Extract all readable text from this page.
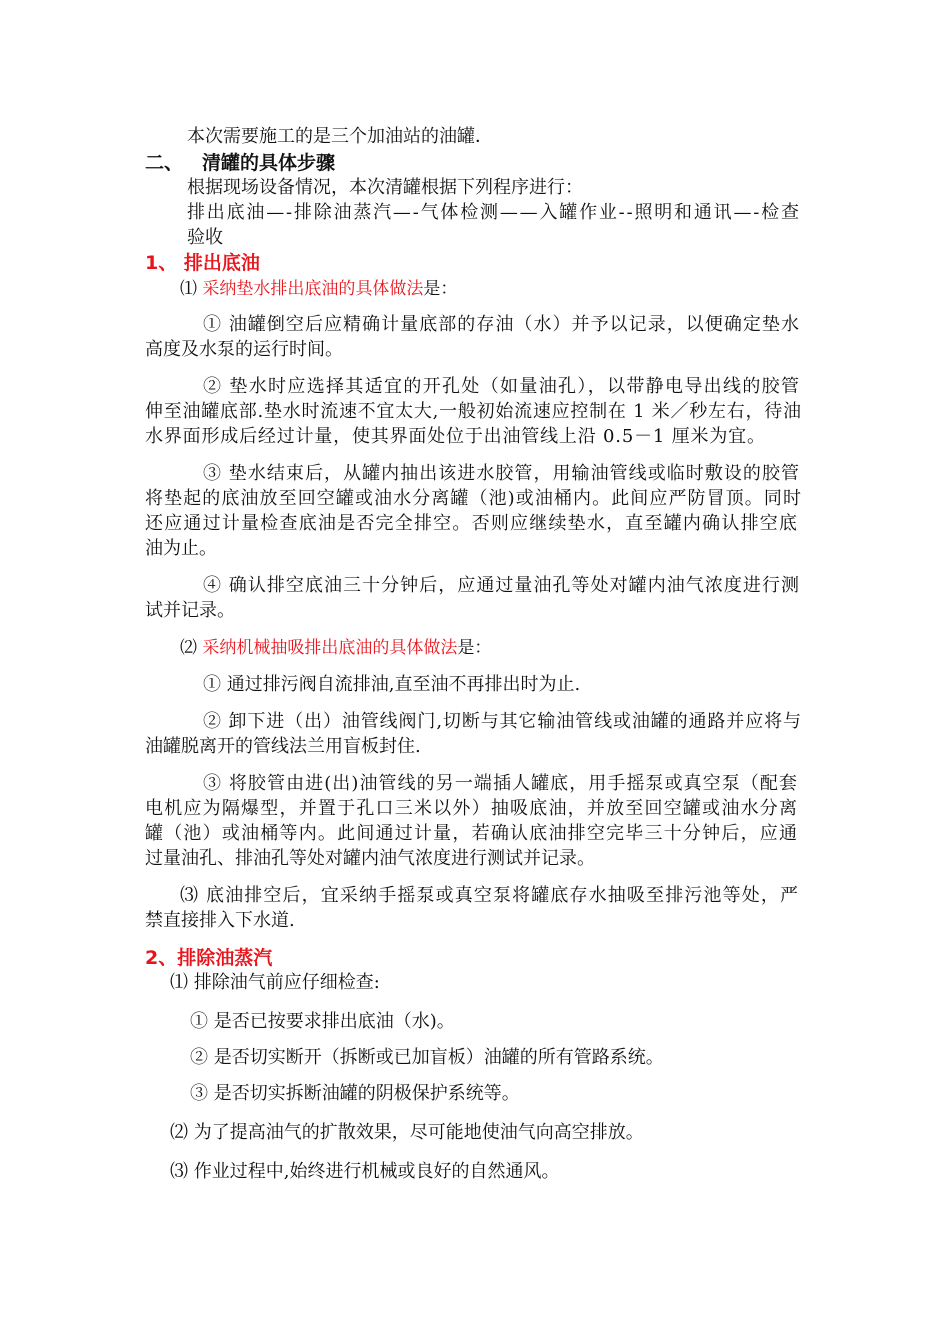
本次需要施工的是三个加油站的油罐．
二、 清罐的具体步骤
根据现场设备情况，本次清罐根据下列程序进行：
排出底油—-排除油蒸汽—-气体检测——入罐作业--照明和通讯—-检查
验收
1、 排出底油
⑴ 采纳垫水排出底油的具体做法是：
① 油罐倒空后应精确计量底部的存油（水）并予以记录，以便确定垫水
高度及水泵的运行时间。
② 垫水时应选择其适宜的开孔处（如量油孔），以带静电导出线的胶管
伸至油罐底部.垫水时流速不宜太大,一般初始流速应控制在 1 米／秒左右，待油
水界面形成后经过计量，使其界面处位于出油管线上沿 0.5－1 厘米为宜。
③ 垫水结束后，从罐内抽出该进水胶管，用输油管线或临时敷设的胶管
将垫起的底油放至回空罐或油水分离罐（池)或油桶内。此间应严防冒顶。同时
还应通过计量检查底油是否完全排空。否则应继续垫水，直至罐内确认排空底
油为止。
④ 确认排空底油三十分钟后，应通过量油孔等处对罐内油气浓度进行测
试并记录。
⑵ 采纳机械抽吸排出底油的具体做法是：
① 通过排污阀自流排油,直至油不再排出时为止.
② 卸下进（出）油管线阀门,切断与其它输油管线或油罐的通路并应将与
油罐脱离开的管线法兰用盲板封住.
③ 将胶管由进(出)油管线的另一端插人罐底，用手摇泵或真空泵（配套
电机应为隔爆型，并置于孔口三米以外）抽吸底油，并放至回空罐或油水分离
罐（池）或油桶等内。此间通过计量，若确认底油排空完毕三十分钟后，应通
过量油孔、排油孔等处对罐内油气浓度进行测试并记录。
⑶ 底油排空后，宜采纳手摇泵或真空泵将罐底存水抽吸至排污池等处，严
禁直接排入下水道.
2、排除油蒸汽
⑴ 排除油气前应仔细检查:
① 是否已按要求排出底油（水)。
② 是否切实断开（拆断或已加盲板）油罐的所有管路系统。
③ 是否切实拆断油罐的阴极保护系统等。
⑵ 为了提高油气的扩散效果，尽可能地使油气向高空排放。
⑶ 作业过程中,始终进行机械或良好的自然通风。
